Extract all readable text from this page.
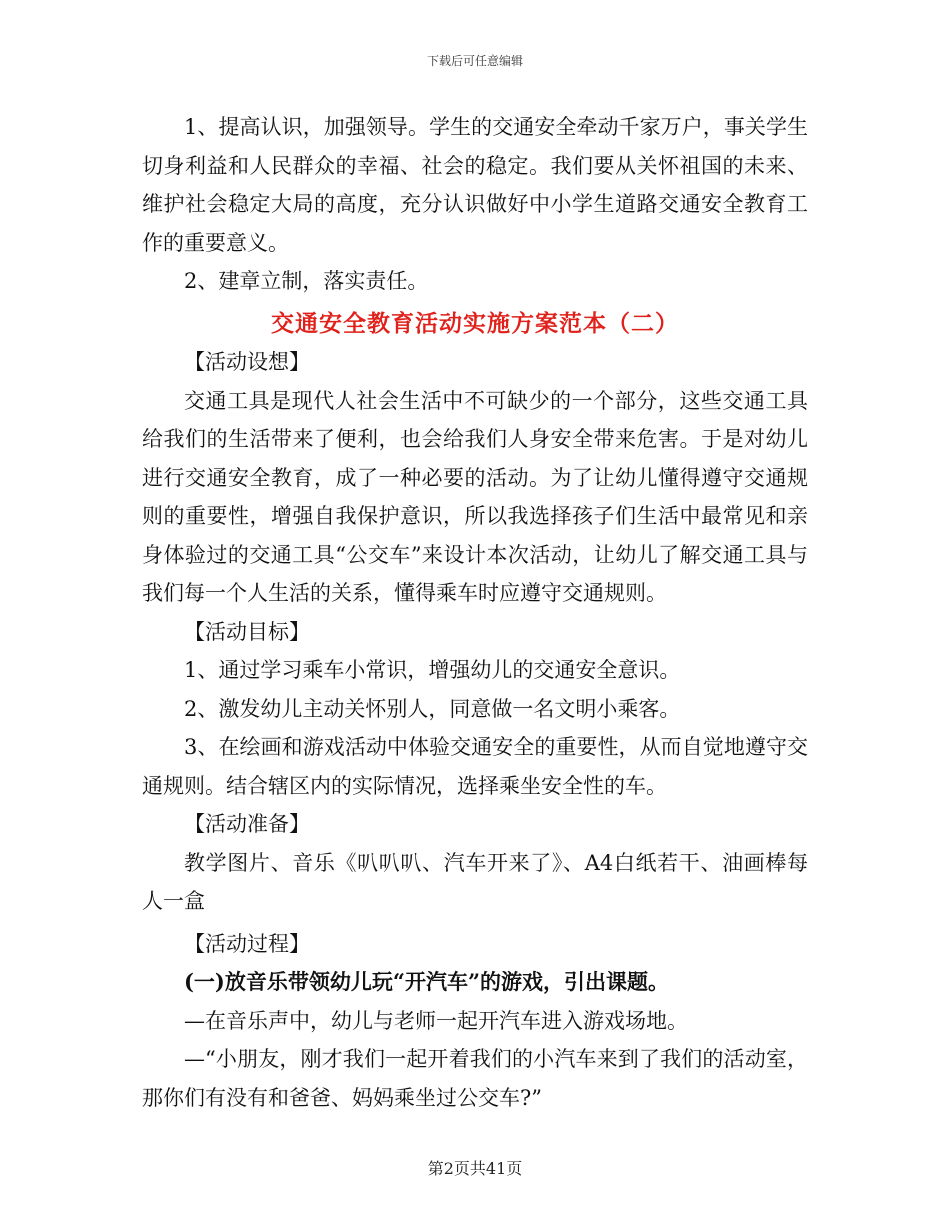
下载后可任意编辑

1、提高认识，加强领导。学生的交通安全牵动千家万户，事关学生切身利益和人民群众的幸福、社会的稳定。我们要从关怀祖国的未来、维护社会稳定大局的高度，充分认识做好中小学生道路交通安全教育工作的重要意义。

2、建章立制，落实责任。

交通安全教育活动实施方案范本（二）

【活动设想】

交通工具是现代人社会生活中不可缺少的一个部分，这些交通工具给我们的生活带来了便利，也会给我们人身安全带来危害。于是对幼儿进行交通安全教育，成了一种必要的活动。为了让幼儿懂得遵守交通规则的重要性，增强自我保护意识，所以我选择孩子们生活中最常见和亲身体验过的交通工具“公交车”来设计本次活动，让幼儿了解交通工具与我们每一个人生活的关系，懂得乘车时应遵守交通规则。

【活动目标】

1、通过学习乘车小常识，增强幼儿的交通安全意识。

2、激发幼儿主动关怀别人，同意做一名文明小乘客。

3、在绘画和游戏活动中体验交通安全的重要性，从而自觉地遵守交通规则。结合辖区内的实际情况，选择乘坐安全性的车。

【活动准备】

教学图片、音乐《叭叭叭、汽车开来了》、A4白纸若干、油画棒每人一盒

【活动过程】

(一)放音乐带领幼儿玩“开汽车”的游戏，引出课题。

—在音乐声中，幼儿与老师一起开汽车进入游戏场地。

—“小朋友，刚才我们一起开着我们的小汽车来到了我们的活动室，那你们有没有和爸爸、妈妈乘坐过公交车?”

第2页共41页
